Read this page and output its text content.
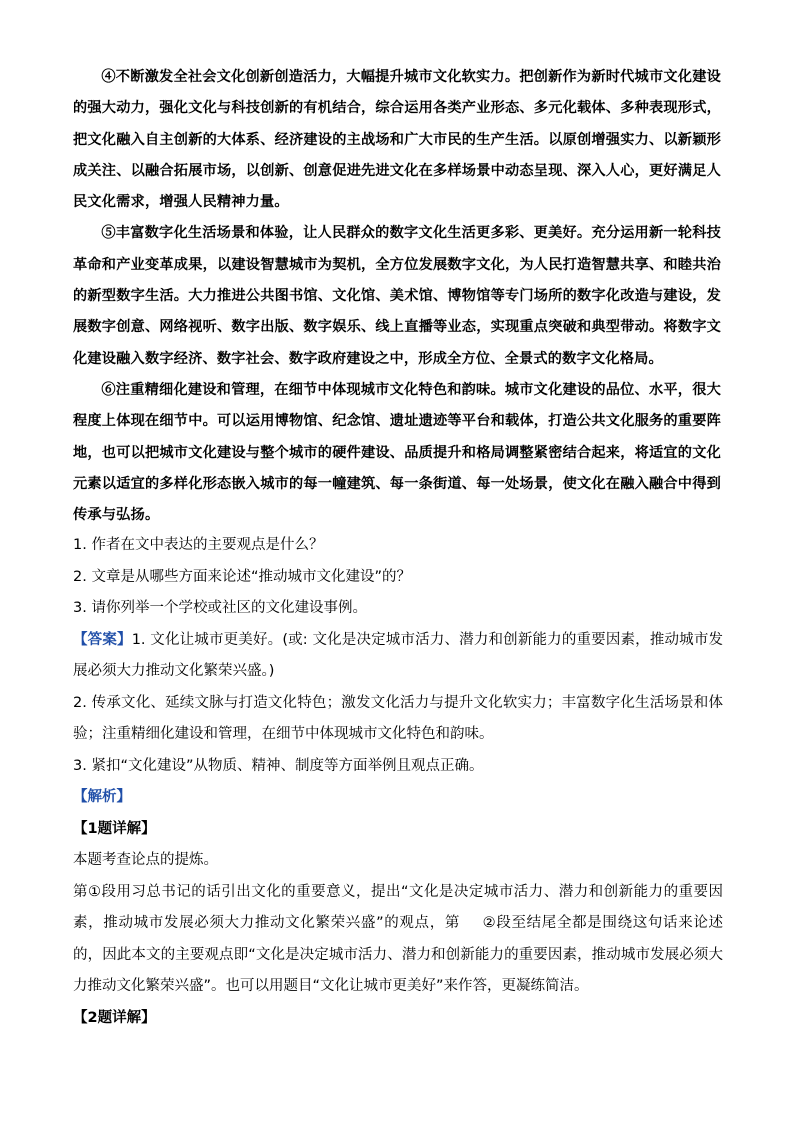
④不断激发全社会文化创新创造活力，大幅提升城市文化软实力。把创新作为新时代城市文化建设的强大动力，强化文化与科技创新的有机结合，综合运用各类产业形态、多元化载体、多种表现形式，把文化融入自主创新的大体系、经济建设的主战场和广大市民的生产生活。以原创增强实力、以新颖形成关注、以融合拓展市场，以创新、创意促进先进文化在多样场景中动态呈现、深入人心，更好满足人民文化需求，增强人民精神力量。

⑤丰富数字化生活场景和体验，让人民群众的数字文化生活更多彩、更美好。充分运用新一轮科技革命和产业变革成果，以建设智慧城市为契机，全方位发展数字文化，为人民打造智慧共享、和睦共治的新型数字生活。大力推进公共图书馆、文化馆、美术馆、博物馆等专门场所的数字化改造与建设，发展数字创意、网络视听、数字出版、数字娱乐、线上直播等业态，实现重点突破和典型带动。将数字文化建设融入数字经济、数字社会、数字政府建设之中，形成全方位、全景式的数字文化格局。

⑥注重精细化建设和管理，在细节中体现城市文化特色和韵味。城市文化建设的品位、水平，很大程度上体现在细节中。可以运用博物馆、纪念馆、遗址遗迹等平台和载体，打造公共文化服务的重要阵地，也可以把城市文化建设与整个城市的硬件建设、品质提升和格局调整紧密结合起来，将适宜的文化元素以适宜的多样化形态嵌入城市的每一幢建筑、每一条街道、每一处场景，使文化在融入融合中得到传承与弘扬。

1. 作者在文中表达的主要观点是什么？

2. 文章是从哪些方面来论述“推动城市文化建设”的？

3. 请你列举一个学校或社区的文化建设事例。

【答案】1. 文化让城市更美好。(或: 文化是决定城市活力、潜力和创新能力的重要因素，推动城市发展必须大力推动文化繁荣兴盛。)

2. 传承文化、延续文脉与打造文化特色；激发文化活力与提升文化软实力；丰富数字化生活场景和体验；注重精细化建设和管理，在细节中体现城市文化特色和韵味。

3. 紧扣“文化建设”从物质、精神、制度等方面举例且观点正确。

【解析】

【1题详解】

本题考查论点的提炼。

第①段用习总书记的话引出文化的重要意义，提出“文化是决定城市活力、潜力和创新能力的重要因素，推动城市发展必须大力推动文化繁荣兴盛”的观点，第 ②段至结尾全都是围绕这句话来论述的，因此本文的主要观点即“文化是决定城市活力、潜力和创新能力的重要因素，推动城市发展必须大力推动文化繁荣兴盛”。也可以用题目“文化让城市更美好”来作答，更凝练简洁。

【2题详解】
